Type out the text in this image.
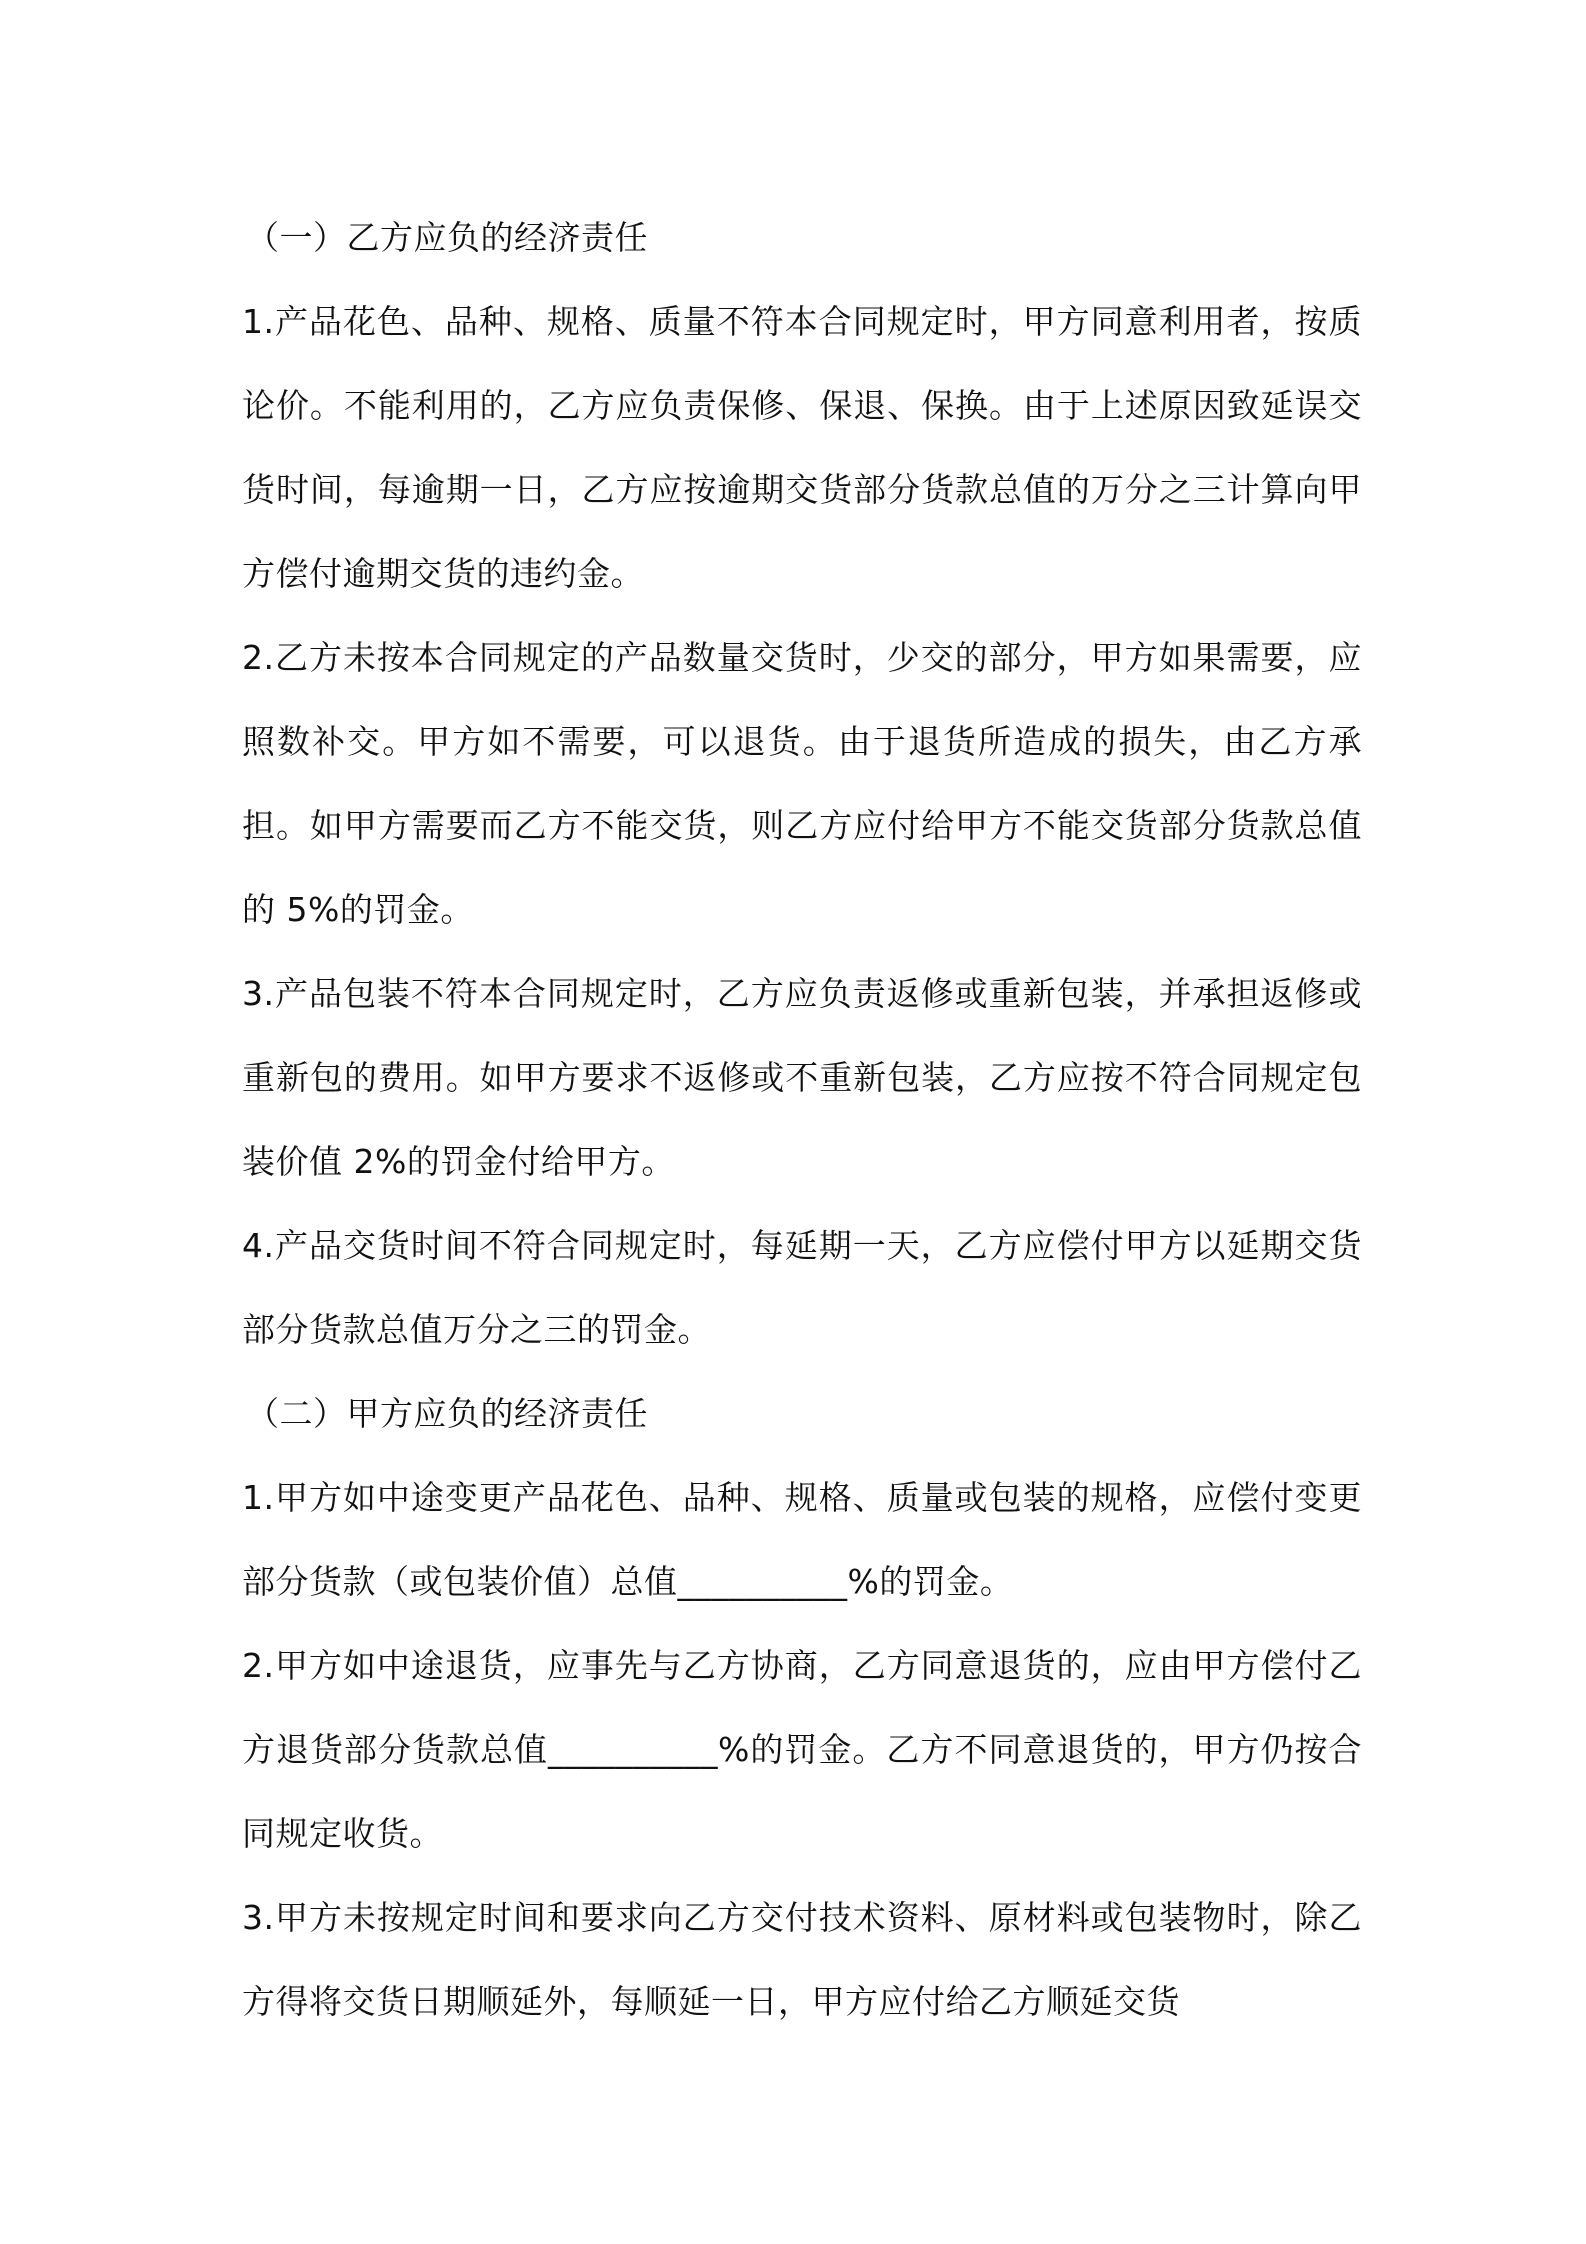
（一）乙方应负的经济责任

1.产品花色、品种、规格、质量不符本合同规定时，甲方同意利用者，按质论价。不能利用的，乙方应负责保修、保退、保换。由于上述原因致延误交货时间，每逾期一日，乙方应按逾期交货部分货款总值的万分之三计算向甲方偿付逾期交货的违约金。

2.乙方未按本合同规定的产品数量交货时，少交的部分，甲方如果需要，应照数补交。甲方如不需要，可以退货。由于退货所造成的损失，由乙方承担。如甲方需要而乙方不能交货，则乙方应付给甲方不能交货部分货款总值的 5%的罚金。

3.产品包装不符本合同规定时，乙方应负责返修或重新包装，并承担返修或重新包的费用。如甲方要求不返修或不重新包装，乙方应按不符合同规定包装价值 2%的罚金付给甲方。

4.产品交货时间不符合同规定时，每延期一天，乙方应偿付甲方以延期交货部分货款总值万分之三的罚金。

（二）甲方应负的经济责任

1.甲方如中途变更产品花色、品种、规格、质量或包装的规格，应偿付变更部分货款（或包装价值）总值__________%的罚金。

2.甲方如中途退货，应事先与乙方协商，乙方同意退货的，应由甲方偿付乙方退货部分货款总值__________%的罚金。乙方不同意退货的，甲方仍按合同规定收货。

3.甲方未按规定时间和要求向乙方交付技术资料、原材料或包装物时，除乙方得将交货日期顺延外，每顺延一日，甲方应付给乙方顺延交货
